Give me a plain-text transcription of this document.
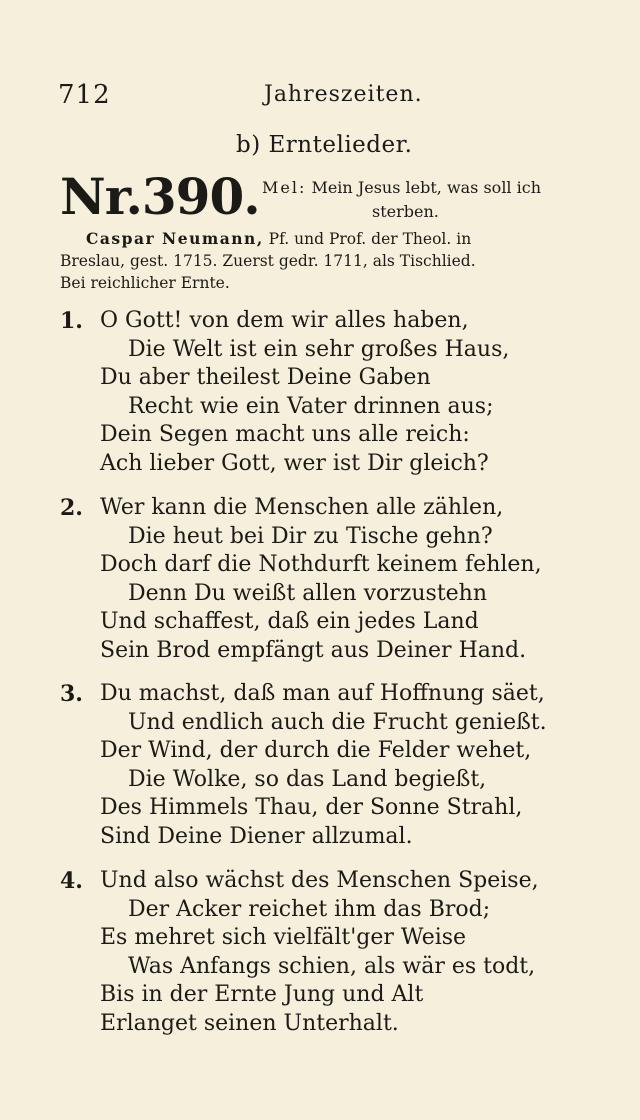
712	Jahreszeiten.
b) Erntelieder.
Nr.390. Mel: Mein Jesus lebt, was soll ich
sterben.
Caspar Neumann, Pf. und Prof. der Theol. in
Breslau, gest. 1715. Zuerst gedr. 1711, als Tischlied.
Bei reichlicher Ernte.
1. O Gott! von dem wir alles haben,
Die Welt ist ein sehr großes Haus,
Du aber theilest Deine Gaben
Recht wie ein Vater drinnen aus;
Dein Segen macht uns alle reich:
Ach lieber Gott, wer ist Dir gleich?
2. Wer kann die Menschen alle zählen,
Die heut bei Dir zu Tische gehn?
Doch darf die Nothdurft keinem fehlen,
Denn Du weißt allen vorzustehn
Und schaffest, daß ein jedes Land
Sein Brod empfängt aus Deiner Hand.
3. Du machst, daß man auf Hoffnung säet,
Und endlich auch die Frucht genießt.
Der Wind, der durch die Felder wehet,
Die Wolke, so das Land begießt,
Des Himmels Thau, der Sonne Strahl,
Sind Deine Diener allzumal.
4. Und also wächst des Menschen Speise,
Der Acker reichet ihm das Brod;
Es mehret sich vielfält'ger Weise
Was Anfangs schien, als wär es todt,
Bis in der Ernte Jung und Alt
Erlanget seinen Unterhalt.
